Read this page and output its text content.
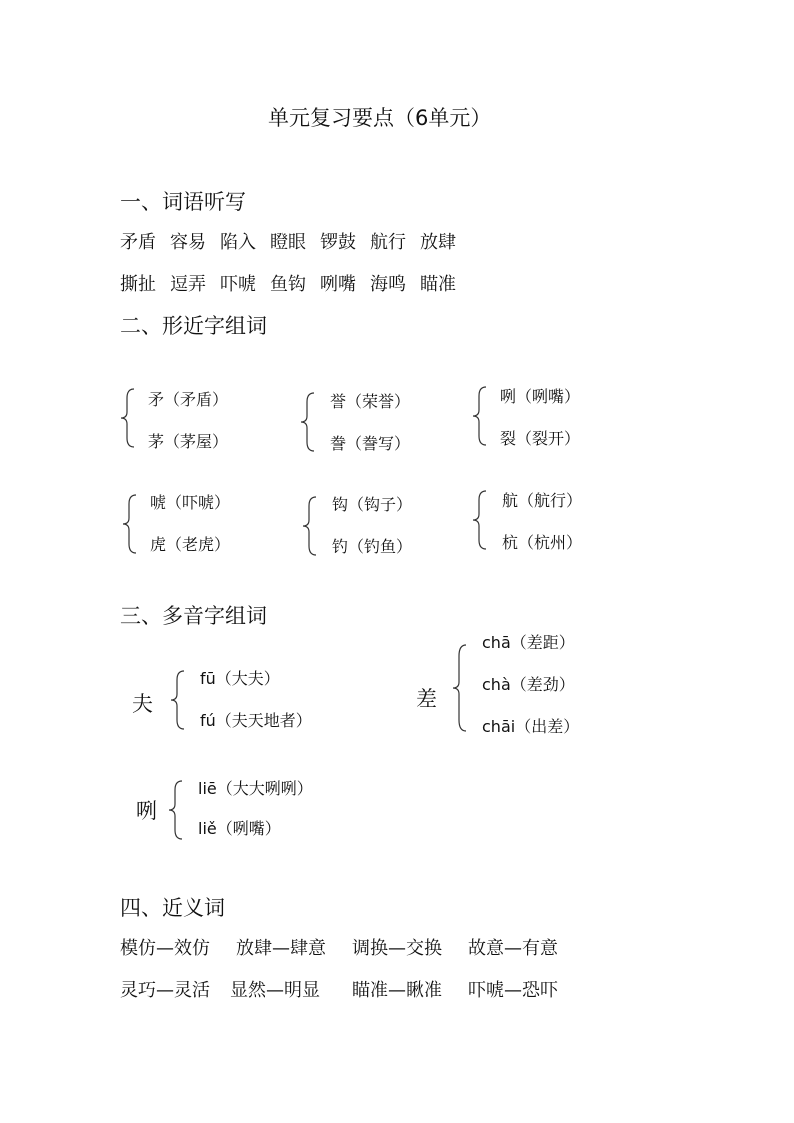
单元复习要点（6单元）
一、词语听写
矛盾 容易 陷入 瞪眼 锣鼓 航行 放肆
撕扯 逗弄 吓唬 鱼钩 咧嘴 海鸣 瞄准
二、形近字组词
矛（矛盾）
茅（茅屋）
誉（荣誉）
誊（誊写）
咧（咧嘴）
裂（裂开）
唬（吓唬）
虎（老虎）
钩（钩子）
钓（钓鱼）
航（航行）
杭（杭州）
三、多音字组词
夫
fū（大夫）
fú（夫天地者）
差
chā（差距）
chà（差劲）
chāi（出差）
咧
liē（大大咧咧）
liě（咧嘴）
四、近义词
模仿—效仿 放肆—肆意 调换—交换 故意—有意
灵巧—灵活 显然—明显 瞄准—瞅准 吓唬—恐吓
